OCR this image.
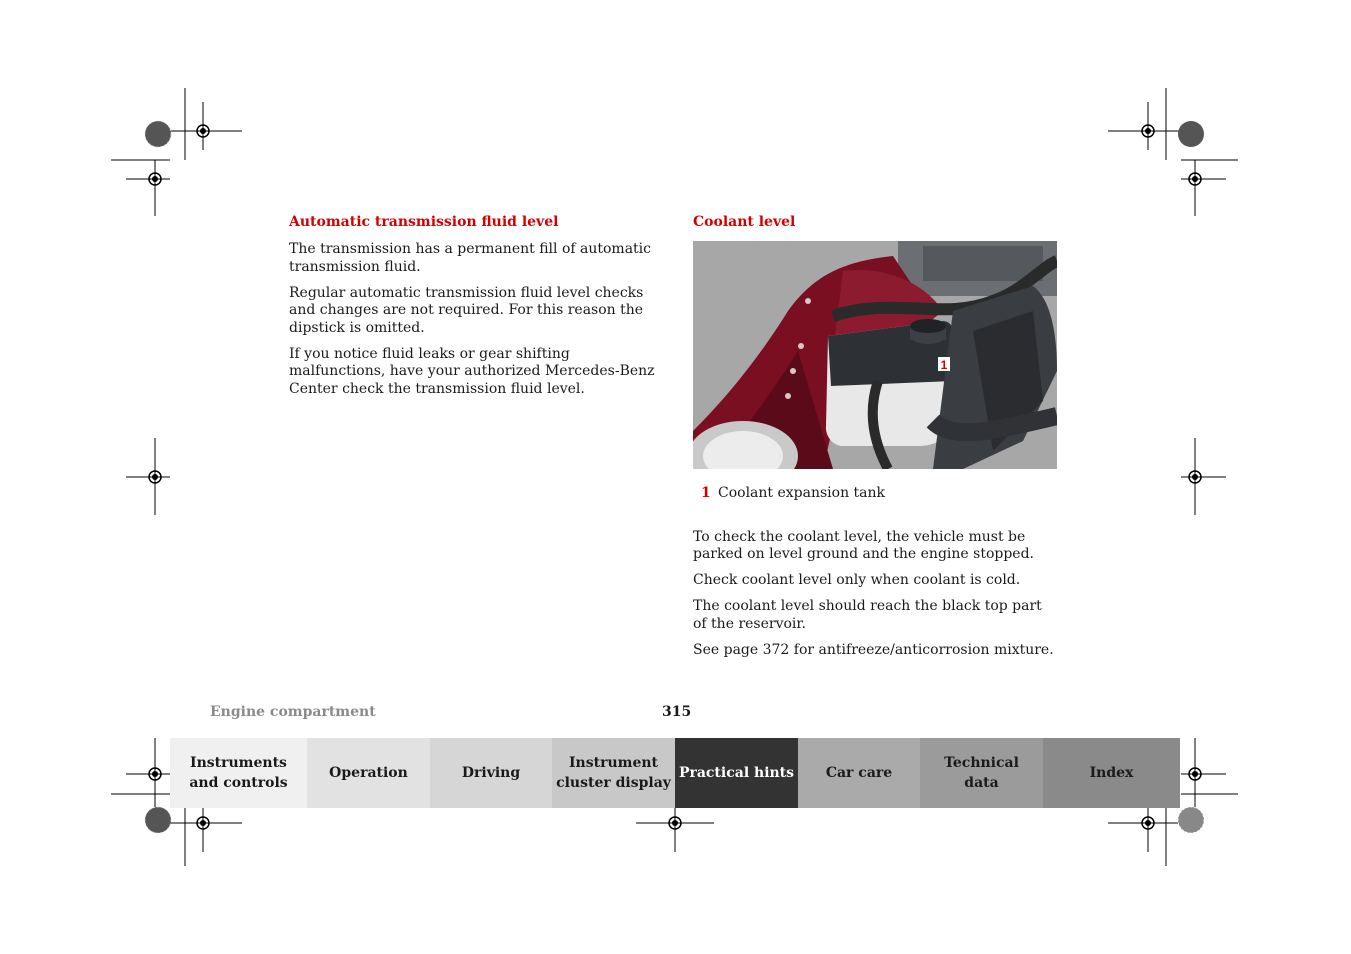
Automatic transmission fluid level

The transmission has a permanent fill of automatic transmission fluid.

Regular automatic transmission fluid level checks and changes are not required. For this reason the dipstick is omitted.

If you notice fluid leaks or gear shifting malfunctions, have your authorized Mercedes-Benz Center check the transmission fluid level.

Coolant level
1
1 Coolant expansion tank

To check the coolant level, the vehicle must be parked on level ground and the engine stopped.

Check coolant level only when coolant is cold.

The coolant level should reach the black top part of the reservoir.

See page 372 for antifreeze/anticorrosion mixture.

Engine compartment	315
Instruments
and controls
Operation	Driving
Instrument
cluster display
Practical hints Car care
Technical
data
Index
